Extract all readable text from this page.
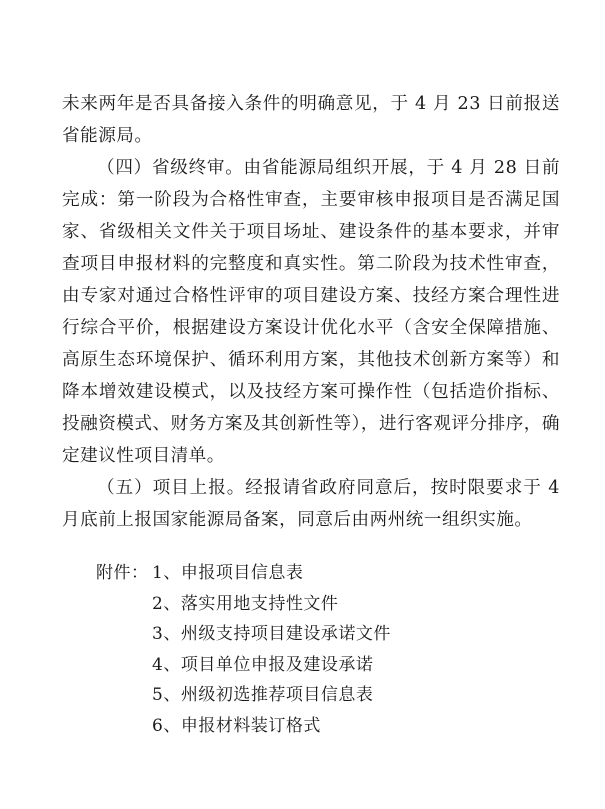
未来两年是否具备接入条件的明确意见，于 4 月 23 日前报送省能源局。

（四）省级终审。由省能源局组织开展，于 4 月 28 日前完成：第一阶段为合格性审查，主要审核申报项目是否满足国家、省级相关文件关于项目场址、建设条件的基本要求，并审查项目申报材料的完整度和真实性。第二阶段为技术性审查，由专家对通过合格性评审的项目建设方案、技经方案合理性进行综合平价，根据建设方案设计优化水平（含安全保障措施、高原生态环境保护、循环利用方案，其他技术创新方案等）和降本增效建设模式，以及技经方案可操作性（包括造价指标、投融资模式、财务方案及其创新性等），进行客观评分排序，确定建议性项目清单。

（五）项目上报。经报请省政府同意后，按时限要求于 4 月底前上报国家能源局备案，同意后由两州统一组织实施。

附件： 1、申报项目信息表
2、落实用地支持性文件
3、州级支持项目建设承诺文件
4、项目单位申报及建设承诺
5、州级初选推荐项目信息表
6、申报材料装订格式
